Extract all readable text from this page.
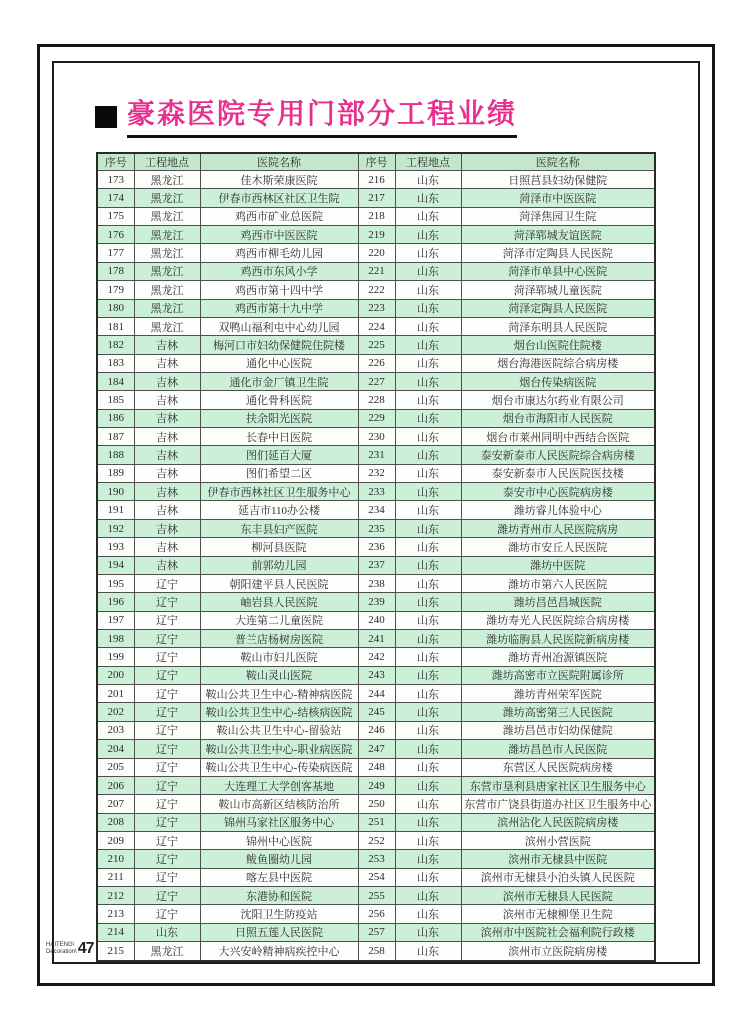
豪森医院专用门部分工程业绩
序号	工程地点	医院名称	序号	工程地点	医院名称
173	黑龙江	佳木斯荣康医院	216	山东	日照莒县妇幼保健院
174	黑龙江	伊春市西林区社区卫生院	217	山东	菏泽市中医医院
175	黑龙江	鸡西市矿业总医院	218	山东	菏泽焦园卫生院
176	黑龙江	鸡西市中医医院	219	山东	菏泽郓城友谊医院
177	黑龙江	鸡西市柳毛幼儿园	220	山东	菏泽市定陶县人民医院
178	黑龙江	鸡西市东风小学	221	山东	菏泽市单县中心医院
179	黑龙江	鸡西市第十四中学	222	山东	菏泽郓城儿童医院
180	黑龙江	鸡西市第十九中学	223	山东	菏泽定陶县人民医院
181	黑龙江	双鸭山福利屯中心幼儿园	224	山东	菏泽东明县人民医院
182	吉林	梅河口市妇幼保健院住院楼	225	山东	烟台山医院住院楼
183	吉林	通化中心医院	226	山东	烟台海港医院综合病房楼
184	吉林	通化市金厂镇卫生院	227	山东	烟台传染病医院
185	吉林	通化骨科医院	228	山东	烟台市康达尔药业有限公司
186	吉林	扶余阳光医院	229	山东	烟台市海阳市人民医院
187	吉林	长春中日医院	230	山东	烟台市莱州同明中西结合医院
188	吉林	图们延百大厦	231	山东	泰安新泰市人民医院综合病房楼
189	吉林	图们希望二区	232	山东	泰安新泰市人民医院医技楼
190	吉林	伊春市西林社区卫生服务中心	233	山东	泰安市中心医院病房楼
191	吉林	延吉市110办公楼	234	山东	潍坊睿儿体验中心
192	吉林	东丰县妇产医院	235	山东	潍坊青州市人民医院病房
193	吉林	柳河县医院	236	山东	潍坊市安丘人民医院
194	吉林	前郭幼儿园	237	山东	潍坊中医院
195	辽宁	朝阳建平县人民医院	238	山东	潍坊市第六人民医院
196	辽宁	岫岩县人民医院	239	山东	潍坊昌邑昌城医院
197	辽宁	大连第二儿童医院	240	山东	潍坊寿光人民医院综合病房楼
198	辽宁	普兰店杨树房医院	241	山东	潍坊临朐县人民医院新病房楼
199	辽宁	鞍山市妇儿医院	242	山东	潍坊青州冶源镇医院
200	辽宁	鞍山灵山医院	243	山东	潍坊高密市立医院附属诊所
201	辽宁	鞍山公共卫生中心-精神病医院	244	山东	潍坊青州荣军医院
202	辽宁	鞍山公共卫生中心-结核病医院	245	山东	潍坊高密第三人民医院
203	辽宁	鞍山公共卫生中心-留验站	246	山东	潍坊昌邑市妇幼保健院
204	辽宁	鞍山公共卫生中心-职业病医院	247	山东	潍坊昌邑市人民医院
205	辽宁	鞍山公共卫生中心-传染病医院	248	山东	东营区人民医院病房楼
206	辽宁	大连理工大学创客基地	249	山东	东营市垦利县唐家社区卫生服务中心
207	辽宁	鞍山市高新区结核防治所	250	山东	东营市广饶县街道办社区卫生服务中心
208	辽宁	锦州马家社区服务中心	251	山东	滨州沾化人民医院病房楼
209	辽宁	锦州中心医院	252	山东	滨州小营医院
210	辽宁	鲅鱼圈幼儿园	253	山东	滨州市无棣县中医院
211	辽宁	喀左县中医院	254	山东	滨州市无棣县小泊头镇人民医院
212	辽宁	东港协和医院	255	山东	滨州市无棣县人民医院
213	辽宁	沈阳卫生防疫站	256	山东	滨州市无棣柳堡卫生院
214	山东	日照五莲人民医院	257	山东	滨州市中医院社会福利院行政楼
215	黑龙江	大兴安岭精神病疾控中心	258	山东	滨州市立医院病房楼
HAITENG\
Decoration\ 47
